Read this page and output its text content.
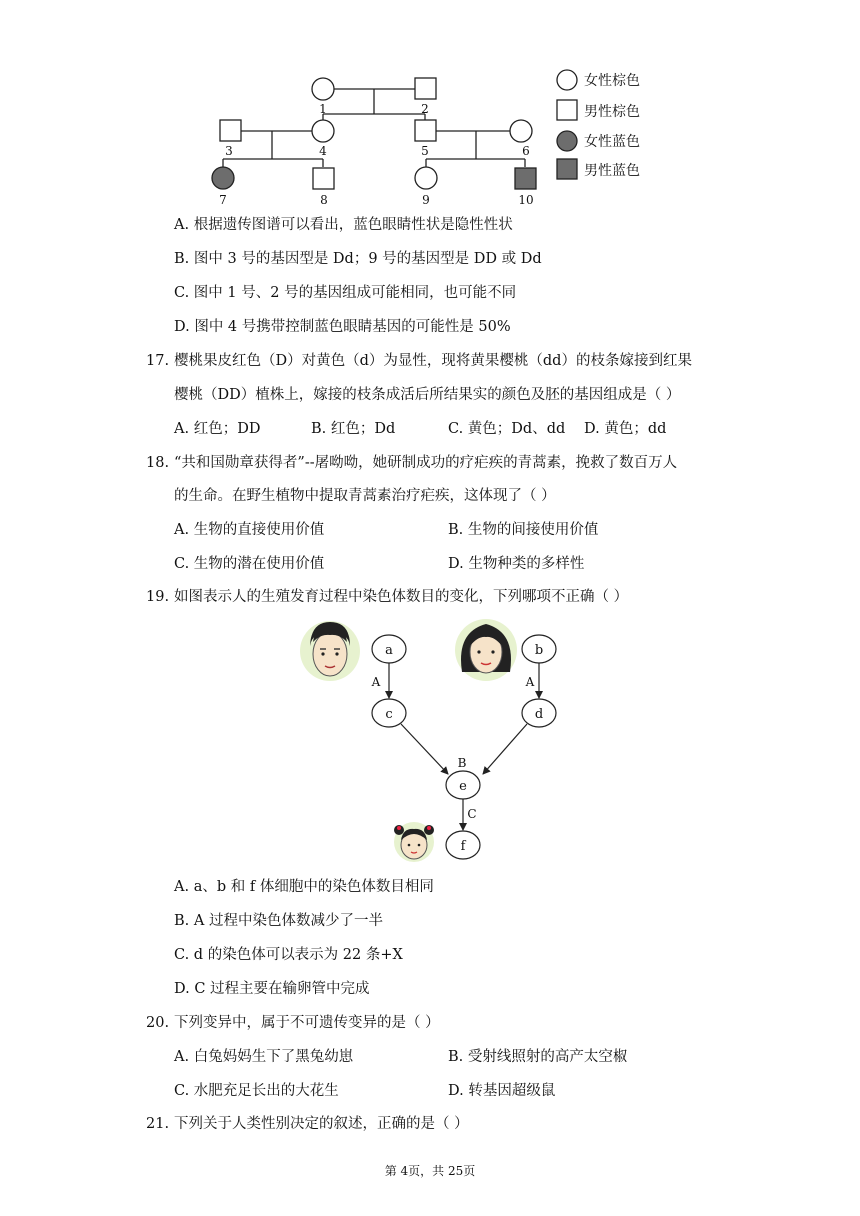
1	2
3	4	5	6
7	8	9	10
女性棕色
男性棕色
女性蓝色
男性蓝色
A. 根据遗传图谱可以看出，蓝色眼睛性状是隐性性状
B. 图中 3 号的基因型是 Dd；9 号的基因型是 DD 或 Dd
C. 图中 1 号、2 号的基因组成可能相同，也可能不同
D. 图中 4 号携带控制蓝色眼睛基因的可能性是 50%
17. 樱桃果皮红色（D）对黄色（d）为显性，现将黄果樱桃（dd）的枝条嫁接到红果
樱桃（DD）植株上，嫁接的枝条成活后所结果实的颜色及胚的基因组成是（ ）
A. 红色；DD	B. 红色；Dd	C. 黄色；Dd、dd D. 黄色；dd
18. “共和国勋章获得者”--屠呦呦，她研制成功的疗疟疾的青蒿素，挽救了数百万人
的生命。在野生植物中提取青蒿素治疗疟疾，这体现了（ ）
A. 生物的直接使用价值	B. 生物的间接使用价值
C. 生物的潜在使用价值	D. 生物种类的多样性
19. 如图表示人的生殖发育过程中染色体数目的变化，下列哪项不正确（ ）
a	b
c	d
e
f
A	A
B
C
A. a、b 和 f 体细胞中的染色体数目相同
B. A 过程中染色体数减少了一半
C. d 的染色体可以表示为 22 条+X
D. C 过程主要在输卵管中完成
20. 下列变异中，属于不可遗传变异的是（ ）
A. 白兔妈妈生下了黑兔幼崽	B. 受射线照射的高产太空椒
C. 水肥充足长出的大花生	D. 转基因超级鼠
21. 下列关于人类性别决定的叙述，正确的是（ ）
第 4页，共 25页
